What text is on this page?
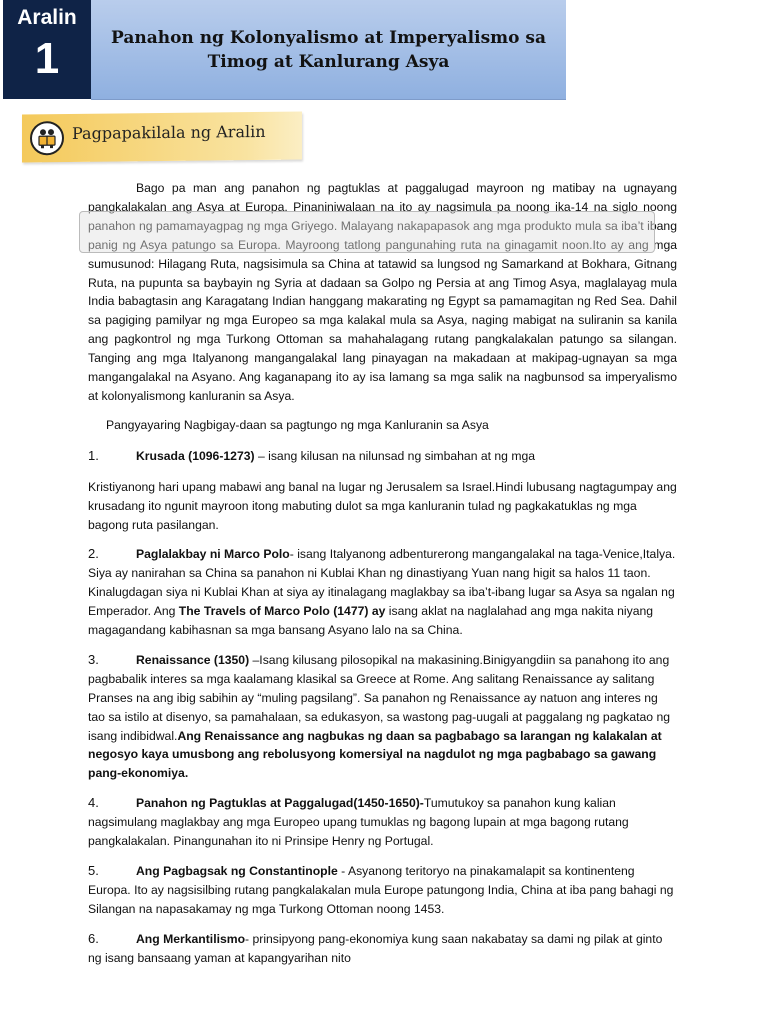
Aralin
1	Panahon ng Kolonyalismo at Imperyalismo sa
Timog at Kanlurang Asya
Pagpapakilala ng Aralin

Bago pa man ang panahon ng pagtuklas at paggalugad mayroon ng matibay na ugnayang pangkalakalan ang Asya at Europa. Pinaniniwalaan na ito ay nagsimula pa noong ika-14 na siglo noong panahon ng pamamayagpag ng mga Griyego. Malayang nakapapasok ang mga produkto mula sa iba’t ibang panig ng Asya patungo sa Europa. Mayroong tatlong pangunahing ruta na ginagamit noon.Ito ay ang mga sumusunod: Hilagang Ruta, nagsisimula sa China at tatawid sa lungsod ng Samarkand at Bokhara, Gitnang Ruta, na pupunta sa baybayin ng Syria at dadaan sa Golpo ng Persia at ang Timog Asya, maglalayag mula India babagtasin ang Karagatang Indian hanggang makarating ng Egypt sa pamamagitan ng Red Sea. Dahil sa pagiging pamilyar ng mga Europeo sa mga kalakal mula sa Asya, naging mabigat na suliranin sa kanila ang pagkontrol ng mga Turkong Ottoman sa mahahalagang rutang pangkalakalan patungo sa silangan. Tanging ang mga Italyanong mangangalakal lang pinayagan na makadaan at makipag-ugnayan sa mga mangangalakal na Asyano. Ang kaganapang ito ay isa lamang sa mga salik na nagbunsod sa imperyalismo at kolonyalismong kanluranin sa Asya.

Pangyayaring Nagbigay-daan sa pagtungo ng mga Kanluranin sa Asya

1.	Krusada (1096-1273) – isang kilusan na nilunsad ng simbahan at ng mga

Kristiyanong hari upang mabawi ang banal na lugar ng Jerusalem sa Israel.Hindi lubusang nagtagumpay ang krusadang ito ngunit mayroon itong mabuting dulot sa mga kanluranin tulad ng pagkakatuklas ng mga bagong ruta pasilangan.

2.	Paglalakbay ni Marco Polo- isang Italyanong adbenturerong mangangalakal na taga-Venice,Italya. Siya ay nanirahan sa China sa panahon ni Kublai Khan ng dinastiyang Yuan nang higit sa halos 11 taon. Kinalugdagan siya ni Kublai Khan at siya ay itinalagang maglakbay sa iba’t-ibang lugar sa Asya sa ngalan ng Emperador. Ang The Travels of Marco Polo (1477) ay isang aklat na naglalahad ang mga nakita niyang magagandang kabihasnan sa mga bansang Asyano lalo na sa China.

3.	Renaissance (1350) –Isang kilusang pilosopikal na makasining.Binigyangdiin sa panahong ito ang pagbabalik interes sa mga kaalamang klasikal sa Greece at Rome. Ang salitang Renaissance ay salitang Pranses na ang ibig sabihin ay “muling pagsilang”. Sa panahon ng Renaissance ay natuon ang interes ng tao sa istilo at disenyo, sa pamahalaan, sa edukasyon, sa wastong pag-uugali at paggalang ng pagkatao ng isang indibidwal.Ang Renaissance ang nagbukas ng daan sa pagbabago sa larangan ng kalakalan at negosyo kaya umusbong ang rebolusyong komersiyal na nagdulot ng mga pagbabago sa gawang pang-ekonomiya.

4.	Panahon ng Pagtuklas at Paggalugad(1450-1650)-Tumutukoy sa panahon kung kalian nagsimulang maglakbay ang mga Europeo upang tumuklas ng bagong lupain at mga bagong rutang pangkalakalan. Pinangunahan ito ni Prinsipe Henry ng Portugal.

5.	Ang Pagbagsak ng Constantinople - Asyanong teritoryo na pinakamalapit sa kontinenteng Europa. Ito ay nagsisilbing rutang pangkalakalan mula Europe patungong India, China at iba pang bahagi ng Silangan na napasakamay ng mga Turkong Ottoman noong 1453.

6.	Ang Merkantilismo- prinsipyong pang-ekonomiya kung saan nakabatay sa dami ng pilak at ginto ng isang bansaang yaman at kapangyarihan nito
